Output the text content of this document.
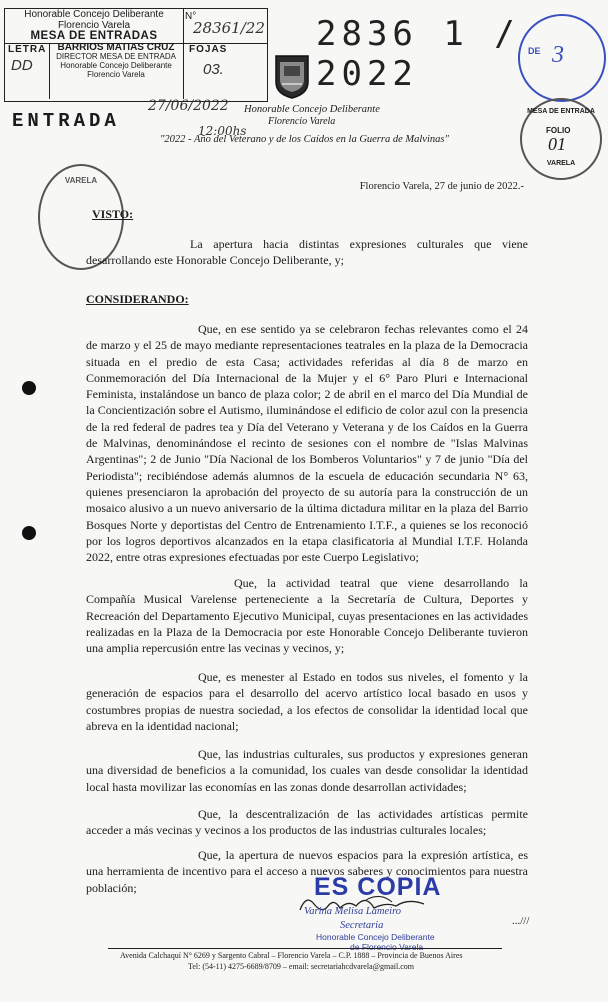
Honorable Concejo Deliberante
Florencio Varela
MESA DE ENTRADAS
N°
28361/22
LETRA
DD
BARRIOS MATIAS CRUZ
DIRECTOR MESA DE ENTRADA
Honorable Concejo Deliberante
Florencio Varela
FOJAS
03.
27/06/2022
ENTRADA	12:00hs
2836 1 / 2022
Honorable Concejo Deliberante
Florencio Varela
"2022 - Año del Veterano y de los Caídos en la Guerra de Malvinas"
DE 3
MESA DE ENTRADA
FOLIO
01
VARELA
VARELA
Florencio Varela, 27 de junio de 2022.-
VISTO:
La apertura hacia distintas expresiones culturales que viene desarrollando este Honorable Concejo Deliberante, y;
CONSIDERANDO:
Que, en ese sentido ya se celebraron fechas relevantes como el 24 de marzo y el 25 de mayo mediante representaciones teatrales en la plaza de la Democracia situada en el predio de esta Casa; actividades referidas al día 8 de marzo en Conmemoración del Día Internacional de la Mujer y el 6° Paro Pluri e Internacional Feminista, instalándose un banco de plaza color; 2 de abril en el marco del Día Mundial de la Concientización sobre el Autismo, iluminándose el edificio de color azul con la presencia de la red federal de padres tea y Día del Veterano y Veterana y de los Caídos en la Guerra de Malvinas, denominándose el recinto de sesiones con el nombre de "Islas Malvinas Argentinas"; 2 de Junio "Día Nacional de los Bomberos Voluntarios" y 7 de junio "Día del Periodista"; recibiéndose además alumnos de la escuela de educación secundaria N° 63, quienes presenciaron la aprobación del proyecto de su autoría para la construcción de un mosaico alusivo a un nuevo aniversario de la última dictadura militar en la plaza del Barrio Bosques Norte y deportistas del Centro de Entrenamiento I.T.F., a quienes se los reconoció por los logros deportivos alcanzados en la etapa clasificatoria al Mundial I.T.F. Holanda 2022, entre otras expresiones efectuadas por este Cuerpo Legislativo;
Que, la actividad teatral que viene desarrollando la Compañía Musical Varelense perteneciente a la Secretaría de Cultura, Deportes y Recreación del Departamento Ejecutivo Municipal, cuyas presentaciones en las actividades realizadas en la Plaza de la Democracia por este Honorable Concejo Deliberante tuvieron una amplia repercusión entre las vecinas y vecinos, y;
Que, es menester al Estado en todos sus niveles, el fomento y la generación de espacios para el desarrollo del acervo artístico local basado en usos y costumbres propias de nuestra sociedad, a los efectos de consolidar la identidad local que abreva en la identidad nacional;
Que, las industrias culturales, sus productos y expresiones generan una diversidad de beneficios a la comunidad, los cuales van desde consolidar la identidad local hasta movilizar las economías en las zonas donde desarrollan actividades;
Que, la descentralización de las actividades artísticas permite acceder a más vecinas y vecinos a los productos de las industrias culturales locales;
Que, la apertura de nuevos espacios para la expresión artística, es una herramienta de incentivo para el acceso a nuevos saberes y conocimientos para nuestra población;	ES COPIA
Varina Melisa Lameiro
Secretaria
Honorable Concejo Deliberante
de Florencio Varela
...///
Avenida Calchaquí N° 6269 y Sargento Cabral – Florencio Varela – C.P. 1888 – Provincia de Buenos Aires
Tel: (54-11) 4275-6689/8709 – email: secretariahcdvarela@gmail.com
